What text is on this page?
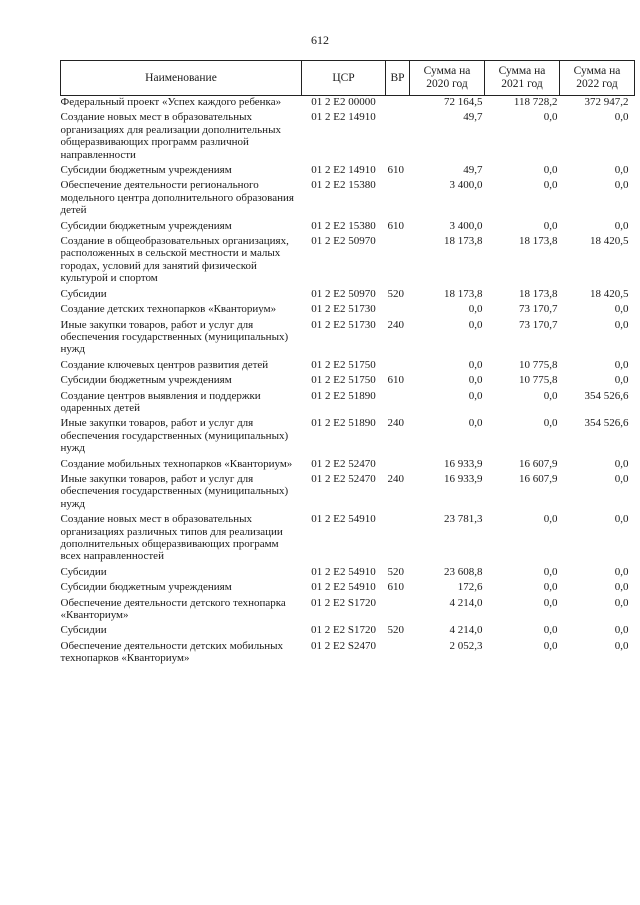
612
Наименование	ЦСР	ВР	Сумма на 2020 год	Сумма на 2021 год	Сумма на 2022 год
Федеральный проект «Успех каждого ребенка»	01 2 E2 00000		72 164,5	118 728,2	372 947,2
Создание новых мест в образовательных организациях для реализации дополнительных общеразвивающих программ различной направленности	01 2 E2 14910		49,7	0,0	0,0
Субсидии бюджетным учреждениям	01 2 E2 14910	610	49,7	0,0	0,0
Обеспечение деятельности регионального модельного центра дополнительного образования детей	01 2 E2 15380		3 400,0	0,0	0,0
Субсидии бюджетным учреждениям	01 2 E2 15380	610	3 400,0	0,0	0,0
Создание в общеобразовательных организациях, расположенных в сельской местности и малых городах, условий для занятий физической культурой и спортом	01 2 E2 50970		18 173,8	18 173,8	18 420,5
Субсидии	01 2 E2 50970	520	18 173,8	18 173,8	18 420,5
Создание детских технопарков «Кванториум»	01 2 E2 51730		0,0	73 170,7	0,0
Иные закупки товаров, работ и услуг для обеспечения государственных (муниципальных) нужд	01 2 E2 51730	240	0,0	73 170,7	0,0
Создание ключевых центров развития детей	01 2 E2 51750		0,0	10 775,8	0,0
Субсидии бюджетным учреждениям	01 2 E2 51750	610	0,0	10 775,8	0,0
Создание центров выявления и поддержки одаренных детей	01 2 E2 51890		0,0	0,0	354 526,6
Иные закупки товаров, работ и услуг для обеспечения государственных (муниципальных) нужд	01 2 E2 51890	240	0,0	0,0	354 526,6
Создание мобильных технопарков «Кванториум»	01 2 E2 52470		16 933,9	16 607,9	0,0
Иные закупки товаров, работ и услуг для обеспечения государственных (муниципальных) нужд	01 2 E2 52470	240	16 933,9	16 607,9	0,0
Создание новых мест в образовательных организациях различных типов для реализации дополнительных общеразвивающих программ всех направленностей	01 2 E2 54910		23 781,3	0,0	0,0
Субсидии	01 2 E2 54910	520	23 608,8	0,0	0,0
Субсидии бюджетным учреждениям	01 2 E2 54910	610	172,6	0,0	0,0
Обеспечение деятельности детского технопарка «Кванториум»	01 2 E2 S1720		4 214,0	0,0	0,0
Субсидии	01 2 E2 S1720	520	4 214,0	0,0	0,0
Обеспечение деятельности детских мобильных технопарков «Кванториум»	01 2 E2 S2470		2 052,3	0,0	0,0
